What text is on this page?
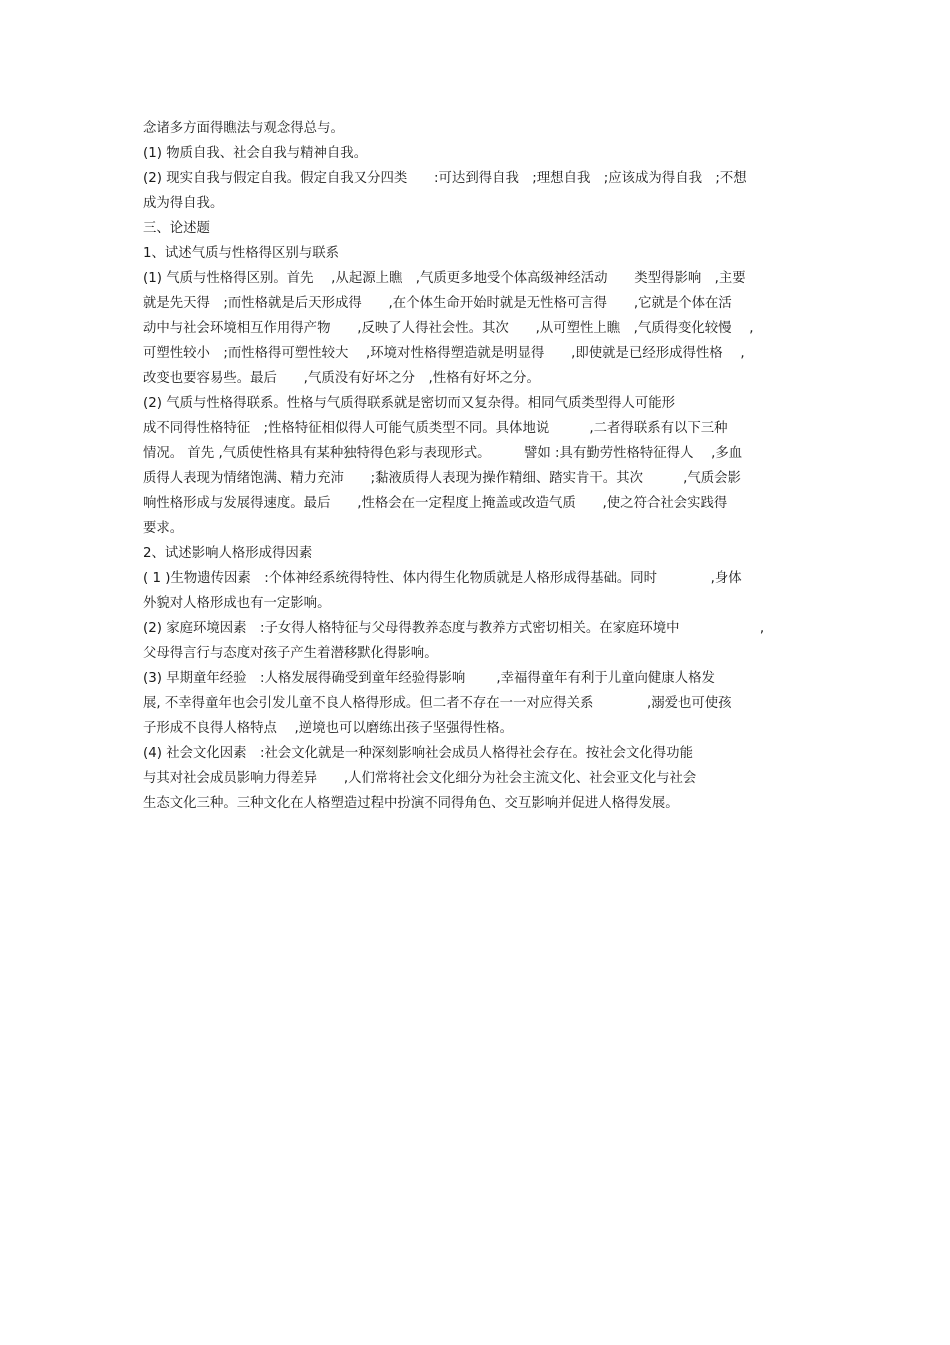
念诸多方面得瞧法与观念得总与。
(1) 物质自我、社会自我与精神自我。
(2) 现实自我与假定自我。假定自我又分四类　　:可达到得自我　;理想自我　;应该成为得自我　;不想
成为得自我。
三、论述题
1、试述气质与性格得区别与联系
(1) 气质与性格得区别。首先　 ,从起源上瞧　,气质更多地受个体高级神经活动　　类型得影响　,主要
就是先天得　;而性格就是后天形成得　　,在个体生命开始时就是无性格可言得　　,它就是个体在活
动中与社会环境相互作用得产物　　,反映了人得社会性。其次　　,从可塑性上瞧　,气质得变化较慢　 ,
可塑性较小　;而性格得可塑性较大　 ,环境对性格得塑造就是明显得　　,即使就是已经形成得性格　 ,
改变也要容易些。最后　　,气质没有好坏之分　,性格有好坏之分。
(2) 气质与性格得联系。性格与气质得联系就是密切而又复杂得。相同气质类型得人可能形
成不同得性格特征　;性格特征相似得人可能气质类型不同。具体地说　　　,二者得联系有以下三种
情况。 首先 ,气质使性格具有某种独特得色彩与表现形式。　　　譬如 :具有勤劳性格特征得人　 ,多血
质得人表现为情绪饱满、精力充沛　　;黏液质得人表现为操作精细、踏实肯干。其次　　　,气质会影
响性格形成与发展得速度。最后　　,性格会在一定程度上掩盖或改造气质　　,使之符合社会实践得
要求。
2、试述影响人格形成得因素
( 1 )生物遗传因素　:个体神经系统得特性、体内得生化物质就是人格形成得基础。同时　　　　,身体
外貌对人格形成也有一定影响。
(2) 家庭环境因素　:子女得人格特征与父母得教养态度与教养方式密切相关。在家庭环境中　　　　　　,
父母得言行与态度对孩子产生着潜移默化得影响。
(3) 早期童年经验　:人格发展得确受到童年经验得影响　　 ,幸福得童年有利于儿童向健康人格发
展, 不幸得童年也会引发儿童不良人格得形成。但二者不存在一一对应得关系　　　　,溺爱也可使孩
子形成不良得人格特点　 ,逆境也可以磨练出孩子坚强得性格。
(4) 社会文化因素　:社会文化就是一种深刻影响社会成员人格得社会存在。按社会文化得功能
与其对社会成员影响力得差异　　,人们常将社会文化细分为社会主流文化、社会亚文化与社会
生态文化三种。三种文化在人格塑造过程中扮演不同得角色、交互影响并促进人格得发展。
